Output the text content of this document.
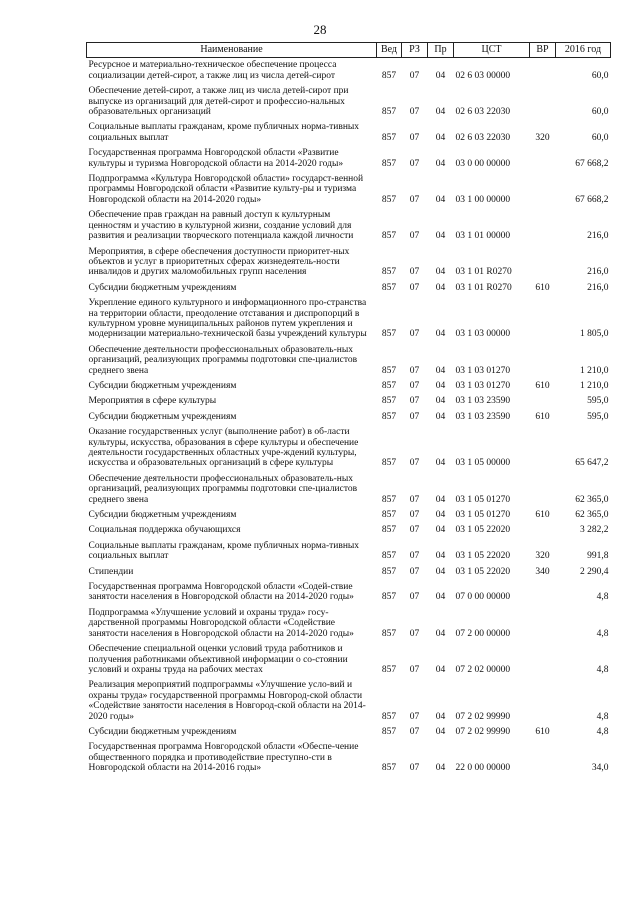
28
Наименование	Вед	РЗ	Пр	ЦСТ	ВР	2016 год
Ресурсное и материально-техническое обеспечение процесса социализации детей-сирот, а также лиц из числа детей-сирот	857	07	04	02 6 03 00000		60,0
Обеспечение детей-сирот, а также лиц из числа детей-сирот при выпуске из организаций для детей-сирот и профессио-нальных образовательных организаций	857	07	04	02 6 03 22030		60,0
Социальные выплаты гражданам, кроме публичных норма-тивных социальных выплат	857	07	04	02 6 03 22030	320	60,0
Государственная программа Новгородской области «Развитие культуры и туризма Новгородской области на 2014-2020 годы»	857	07	04	03 0 00 00000		67 668,2
Подпрограмма «Культура Новгородской области» государст-венной программы Новгородской области «Развитие культу-ры и туризма Новгородской области на 2014-2020 годы»	857	07	04	03 1 00 00000		67 668,2
Обеспечение прав граждан на равный доступ к культурным ценностям и участию в культурной жизни, создание условий для развития и реализации творческого потенциала каждой личности	857	07	04	03 1 01 00000		216,0
Мероприятия, в сфере обеспечения доступности приоритет-ных объектов и услуг в приоритетных сферах жизнедеятель-ности инвалидов и других маломобильных групп населения	857	07	04	03 1 01 R0270		216,0
Субсидии бюджетным учреждениям	857	07	04	03 1 01 R0270	610	216,0
Укрепление единого культурного и информационного про-странства на территории области, преодоление отставания и диспропорций в культурном уровне муниципальных районов путем укрепления и модернизации материально-технической базы учреждений культуры	857	07	04	03 1 03 00000		1 805,0
Обеспечение деятельности профессиональных образователь-ных организаций, реализующих программы подготовки спе-циалистов среднего звена	857	07	04	03 1 03 01270		1 210,0
Субсидии бюджетным учреждениям	857	07	04	03 1 03 01270	610	1 210,0
Мероприятия в сфере культуры	857	07	04	03 1 03 23590		595,0
Субсидии бюджетным учреждениям	857	07	04	03 1 03 23590	610	595,0
Оказание государственных услуг (выполнение работ) в об-ласти культуры, искусства, образования в сфере культуры и обеспечение деятельности государственных областных учре-ждений культуры, искусства и образовательных организаций в сфере культуры	857	07	04	03 1 05 00000		65 647,2
Обеспечение деятельности профессиональных образователь-ных организаций, реализующих программы подготовки спе-циалистов среднего звена	857	07	04	03 1 05 01270		62 365,0
Субсидии бюджетным учреждениям	857	07	04	03 1 05 01270	610	62 365,0
Социальная поддержка обучающихся	857	07	04	03 1 05 22020		3 282,2
Социальные выплаты гражданам, кроме публичных норма-тивных социальных выплат	857	07	04	03 1 05 22020	320	991,8
Стипендии	857	07	04	03 1 05 22020	340	2 290,4
Государственная программа Новгородской области «Содей-ствие занятости населения в Новгородской области на 2014-2020 годы»	857	07	04	07 0 00 00000		4,8
Подпрограмма «Улучшение условий и охраны труда» госу-дарственной программы Новгородской области «Содействие занятости населения в Новгородской области на 2014-2020 годы»	857	07	04	07 2 00 00000		4,8
Обеспечение специальной оценки условий труда работников и получения работниками объективной информации о со-стоянии условий и охраны труда на рабочих местах	857	07	04	07 2 02 00000		4,8
Реализация мероприятий подпрограммы «Улучшение усло-вий и охраны труда» государственной программы Новгород-ской области «Содействие занятости населения в Новгород-ской области на 2014-2020 годы»	857	07	04	07 2 02 99990		4,8
Субсидии бюджетным учреждениям	857	07	04	07 2 02 99990	610	4,8
Государственная программа Новгородской области «Обеспе-чение общественного порядка и противодействие преступно-сти в Новгородской области на 2014-2016 годы»	857	07	04	22 0 00 00000		34,0
